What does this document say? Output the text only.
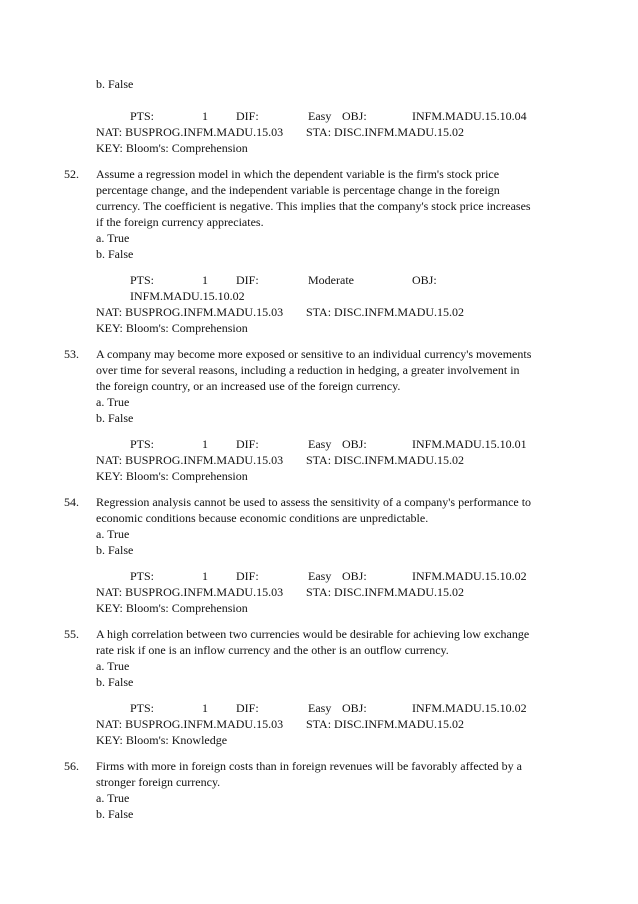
b. False
PTS:	1 DIF:	Easy OBJ:	INFM.MADU.15.10.04
NAT: BUSPROG.INFM.MADU.15.03 STA: DISC.INFM.MADU.15.02
KEY: Bloom's: Comprehension
52. Assume a regression model in which the dependent variable is the firm's stock price
percentage change, and the independent variable is percentage change in the foreign
currency. The coefficient is negative. This implies that the company's stock price increases
if the foreign currency appreciates.
a. True
b. False
PTS:	1 DIF:	Moderate	OBJ:
INFM.MADU.15.10.02
NAT: BUSPROG.INFM.MADU.15.03 STA: DISC.INFM.MADU.15.02
KEY: Bloom's: Comprehension
53. A company may become more exposed or sensitive to an individual currency's movements
over time for several reasons, including a reduction in hedging, a greater involvement in
the foreign country, or an increased use of the foreign currency.
a. True
b. False
PTS:	1 DIF:	Easy OBJ:	INFM.MADU.15.10.01
NAT: BUSPROG.INFM.MADU.15.03 STA: DISC.INFM.MADU.15.02
KEY: Bloom's: Comprehension
54. Regression analysis cannot be used to assess the sensitivity of a company's performance to
economic conditions because economic conditions are unpredictable.
a. True
b. False
PTS:	1 DIF:	Easy OBJ:	INFM.MADU.15.10.02
NAT: BUSPROG.INFM.MADU.15.03 STA: DISC.INFM.MADU.15.02
KEY: Bloom's: Comprehension
55. A high correlation between two currencies would be desirable for achieving low exchange
rate risk if one is an inflow currency and the other is an outflow currency.
a. True
b. False
PTS:	1 DIF:	Easy OBJ:	INFM.MADU.15.10.02
NAT: BUSPROG.INFM.MADU.15.03 STA: DISC.INFM.MADU.15.02
KEY: Bloom's: Knowledge
56. Firms with more in foreign costs than in foreign revenues will be favorably affected by a
stronger foreign currency.
a. True
b. False
